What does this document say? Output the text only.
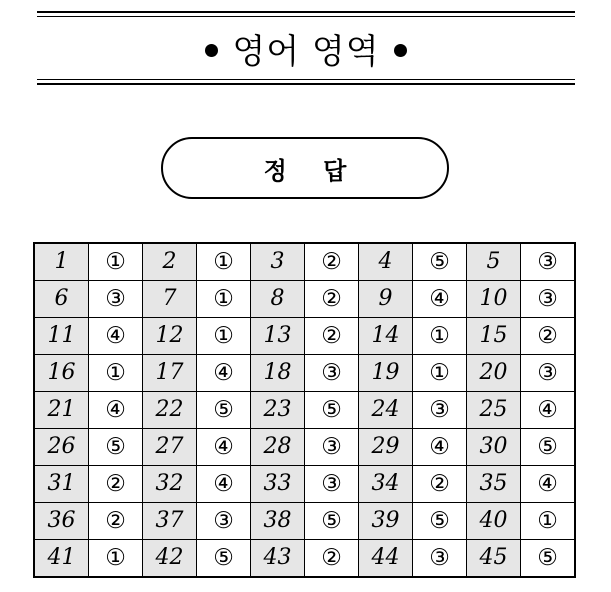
영어 영역
정 답
1	①	2	①	3	②	4	⑤	5	③
6	③	7	①	8	②	9	④	10	③
11	④	12	①	13	②	14	①	15	②
16	①	17	④	18	③	19	①	20	③
21	④	22	⑤	23	⑤	24	③	25	④
26	⑤	27	④	28	③	29	④	30	⑤
31	②	32	④	33	③	34	②	35	④
36	②	37	③	38	⑤	39	⑤	40	①
41	①	42	⑤	43	②	44	③	45	⑤
